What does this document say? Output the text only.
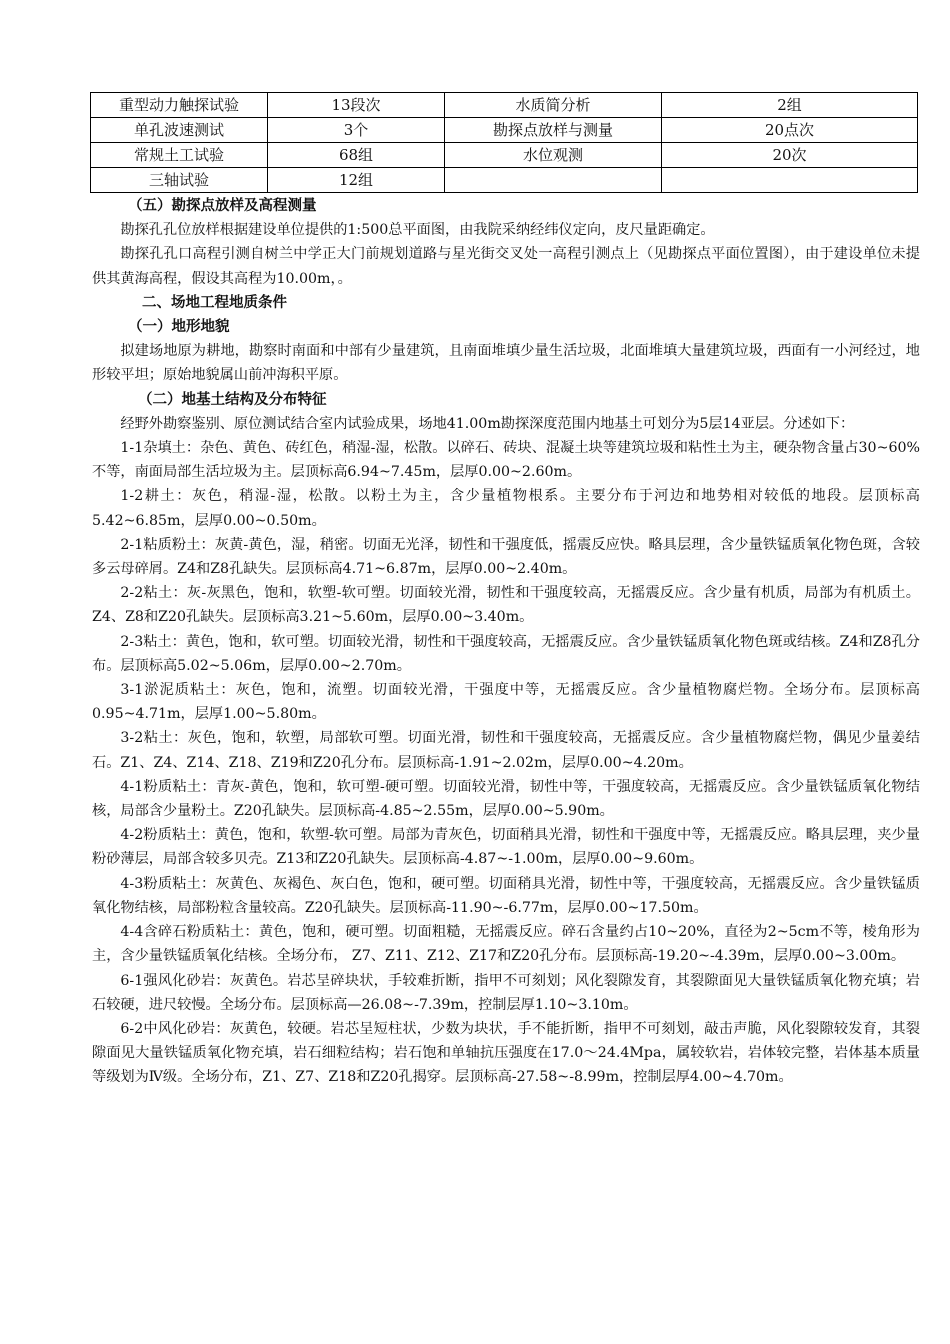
重型动力触探试验	13段次	水质简分析	2组
单孔波速测试	3个	勘探点放样与测量	20点次
常规土工试验	68组	水位观测	20次
三轴试验	12组		
（五）勘探点放样及高程测量

勘探孔孔位放样根据建设单位提供的1:500总平面图，由我院采纳经纬仪定向，皮尺量距确定。

勘探孔孔口高程引测自树兰中学正大门前规划道路与星光街交叉处一高程引测点上（见勘探点平面位置图），由于建设单位未提供其黄海高程，假设其高程为10.00m，。

二、场地工程地质条件
（一）地形地貌

拟建场地原为耕地，勘察时南面和中部有少量建筑，且南面堆填少量生活垃圾，北面堆填大量建筑垃圾，西面有一小河经过，地形较平坦；原始地貌属山前冲海积平原。

（二）地基土结构及分布特征

经野外勘察鉴别、原位测试结合室内试验成果，场地41.00m勘探深度范围内地基土可划分为5层14亚层。分述如下：

1-1杂填土：杂色、黄色、砖红色，稍湿-湿，松散。以碎石、砖块、混凝土块等建筑垃圾和粘性土为主，硬杂物含量占30~60%不等，南面局部生活垃圾为主。层顶标高6.94~7.45m，层厚0.00~2.60m。

1-2耕土：灰色，稍湿-湿，松散。以粉土为主，含少量植物根系。主要分布于河边和地势相对较低的地段。层顶标高5.42~6.85m，层厚0.00~0.50m。

2-1粘质粉土：灰黄-黄色，湿，稍密。切面无光泽，韧性和干强度低，摇震反应快。略具层理，含少量铁锰质氧化物色斑，含较多云母碎屑。Z4和Z8孔缺失。层顶标高4.71~6.87m，层厚0.00~2.40m。

2-2粘土：灰-灰黑色，饱和，软塑-软可塑。切面较光滑，韧性和干强度较高，无摇震反应。含少量有机质，局部为有机质土。Z4、Z8和Z20孔缺失。层顶标高3.21~5.60m，层厚0.00~3.40m。

2-3粘土：黄色，饱和，软可塑。切面较光滑，韧性和干强度较高，无摇震反应。含少量铁锰质氧化物色斑或结核。Z4和Z8孔分布。层顶标高5.02~5.06m，层厚0.00~2.70m。

3-1淤泥质粘土：灰色，饱和，流塑。切面较光滑，干强度中等，无摇震反应。含少量植物腐烂物。全场分布。层顶标高0.95~4.71m，层厚1.00~5.80m。

3-2粘土：灰色，饱和，软塑，局部软可塑。切面光滑，韧性和干强度较高，无摇震反应。含少量植物腐烂物，偶见少量姜结石。Z1、Z4、Z14、Z18、Z19和Z20孔分布。层顶标高-1.91~2.02m，层厚0.00~4.20m。

4-1粉质粘土：青灰-黄色，饱和，软可塑-硬可塑。切面较光滑，韧性中等，干强度较高，无摇震反应。含少量铁锰质氧化物结核，局部含少量粉土。Z20孔缺失。层顶标高-4.85~2.55m，层厚0.00~5.90m。

4-2粉质粘土：黄色，饱和，软塑-软可塑。局部为青灰色，切面稍具光滑，韧性和干强度中等，无摇震反应。略具层理，夹少量粉砂薄层，局部含较多贝壳。Z13和Z20孔缺失。层顶标高-4.87~-1.00m，层厚0.00~9.60m。

4-3粉质粘土：灰黄色、灰褐色、灰白色，饱和，硬可塑。切面稍具光滑，韧性中等，干强度较高，无摇震反应。含少量铁锰质氧化物结核，局部粉粒含量较高。Z20孔缺失。层顶标高-11.90~-6.77m，层厚0.00~17.50m。

4-4含碎石粉质粘土：黄色，饱和，硬可塑。切面粗糙，无摇震反应。碎石含量约占10~20%，直径为2~5cm不等，棱角形为主，含少量铁锰质氧化结核。全场分布， Z7、Z11、Z12、Z17和Z20孔分布。层顶标高-19.20~-4.39m，层厚0.00~3.00m。

6-1强风化砂岩：灰黄色。岩芯呈碎块状，手较难折断，指甲不可刻划；风化裂隙发育，其裂隙面见大量铁锰质氧化物充填；岩石较硬，进尺较慢。全场分布。层顶标高—26.08~-7.39m，控制层厚1.10~3.10m。

6-2中风化砂岩：灰黄色，较硬。岩芯呈短柱状，少数为块状，手不能折断，指甲不可刻划，敲击声脆，风化裂隙较发育，其裂隙面见大量铁锰质氧化物充填，岩石细粒结构；岩石饱和单轴抗压强度在17.0～24.4Mpa，属较软岩，岩体较完整，岩体基本质量等级划为Ⅳ级。全场分布，Z1、Z7、Z18和Z20孔揭穿。层顶标高-27.58~-8.99m，控制层厚4.00~4.70m。
